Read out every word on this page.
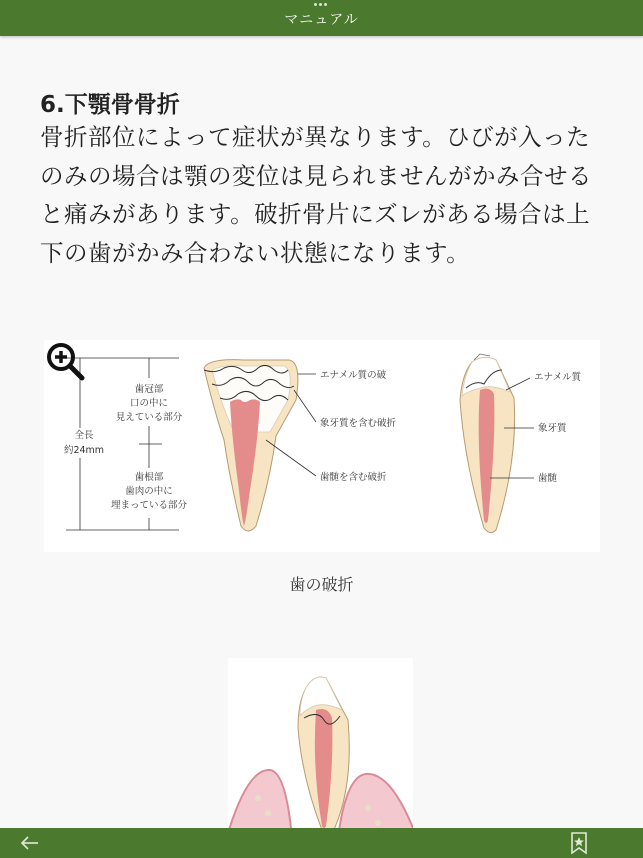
マニュアル
6.下顎骨骨折
骨折部位によって症状が異なります。ひびが入ったのみの場合は顎の変位は見られませんがかみ合せると痛みがあります。破折骨片にズレがある場合は上下の歯がかみ合わない状態になります。
歯冠部
口の中に
見えている部分
全長
約24mm
歯根部
歯肉の中に
埋まっている部分
エナメル質の破
象牙質を含む破折
歯髄を含む破折
エナメル質
象牙質
歯髄
歯の破折
